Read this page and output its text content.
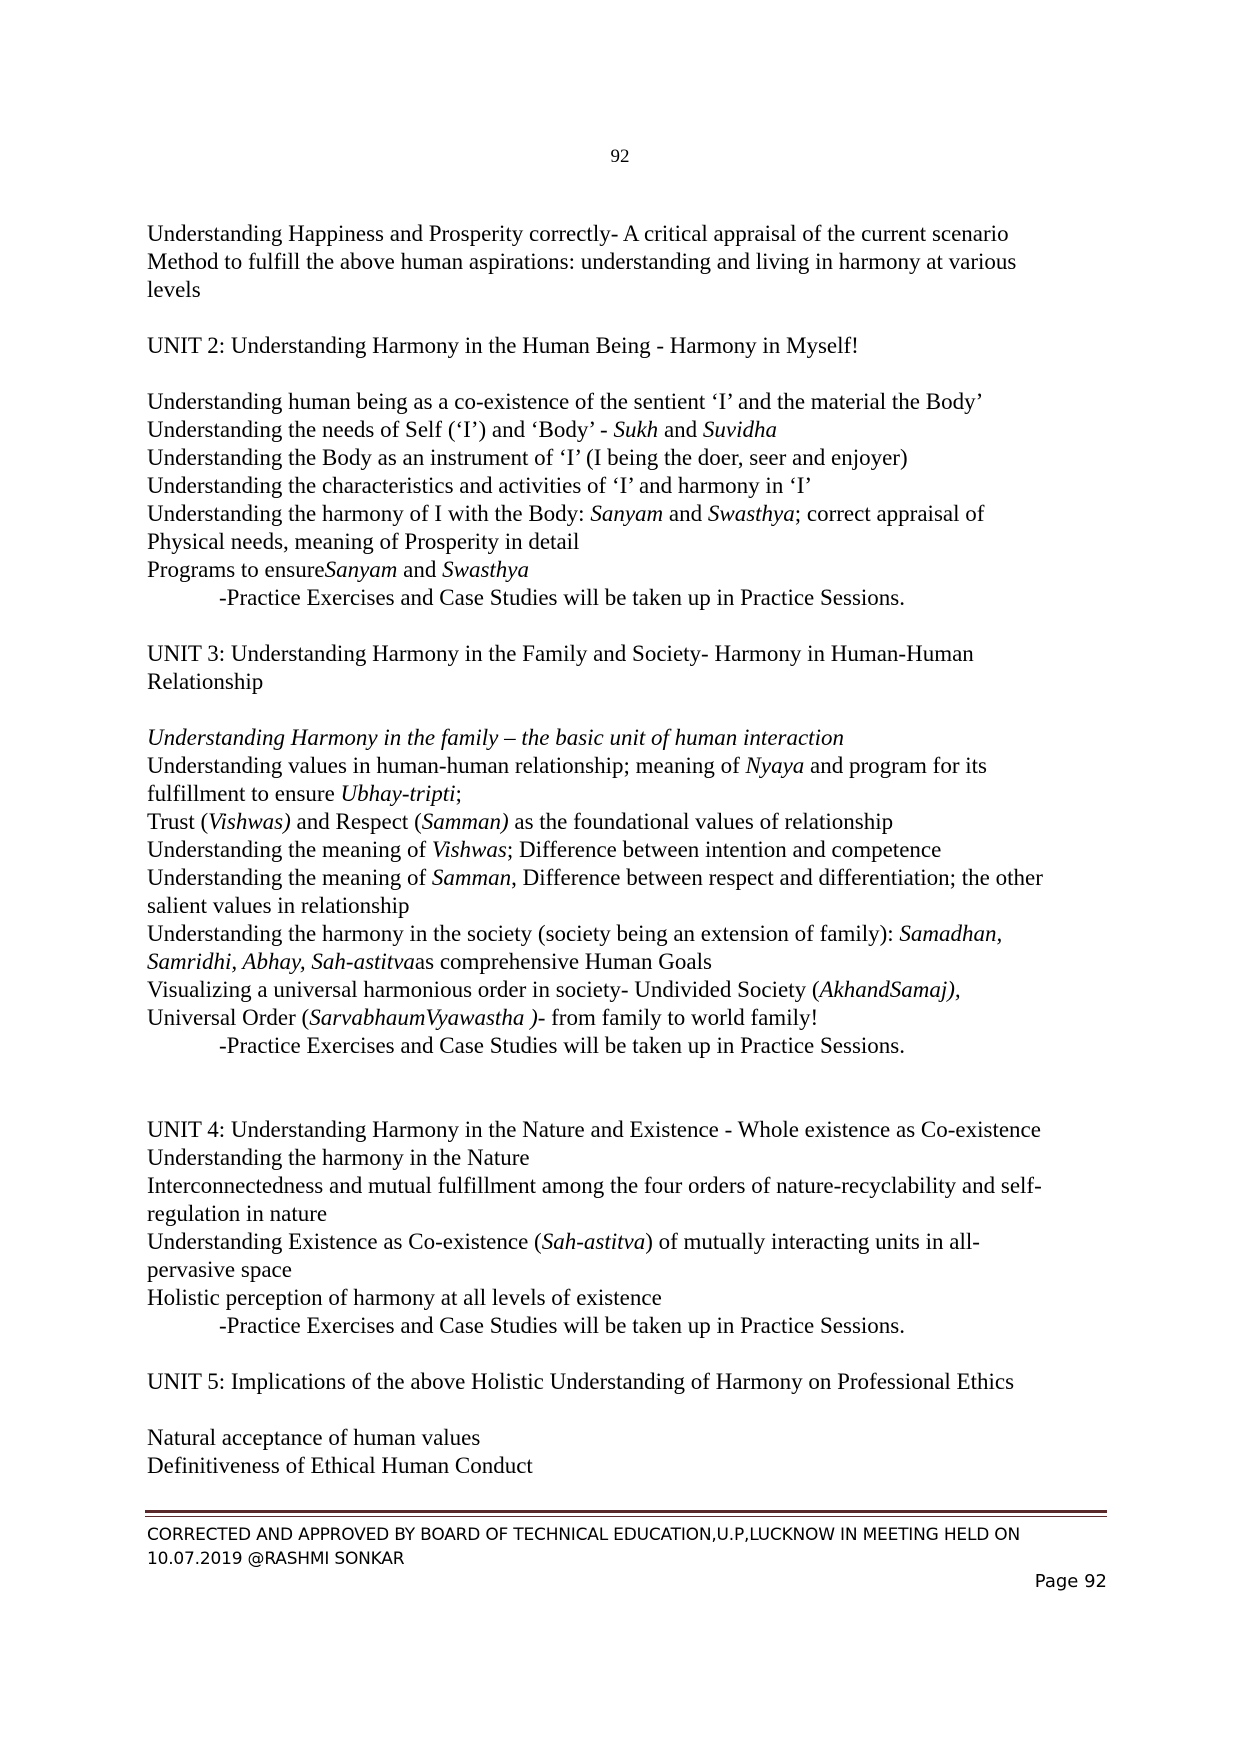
92
Understanding Happiness and Prosperity correctly- A critical appraisal of the current scenario
Method to fulfill the above human aspirations: understanding and living in harmony at various
levels
UNIT 2: Understanding Harmony in the Human Being - Harmony in Myself!
Understanding human being as a co-existence of the sentient ‘I’ and the material the Body’
Understanding the needs of Self (‘I’) and ‘Body’ - Sukh and Suvidha
Understanding the Body as an instrument of ‘I’ (I being the doer, seer and enjoyer)
Understanding the characteristics and activities of ‘I’ and harmony in ‘I’
Understanding the harmony of I with the Body: Sanyam and Swasthya; correct appraisal of
Physical needs, meaning of Prosperity in detail
Programs to ensureSanyam and Swasthya
-Practice Exercises and Case Studies will be taken up in Practice Sessions.
UNIT 3: Understanding Harmony in the Family and Society- Harmony in Human-Human
Relationship
Understanding Harmony in the family – the basic unit of human interaction
Understanding values in human-human relationship; meaning of Nyaya and program for its
fulfillment to ensure Ubhay-tripti;
Trust (Vishwas) and Respect (Samman) as the foundational values of relationship
Understanding the meaning of Vishwas; Difference between intention and competence
Understanding the meaning of Samman, Difference between respect and differentiation; the other
salient values in relationship
Understanding the harmony in the society (society being an extension of family): Samadhan,
Samridhi, Abhay, Sah-astitvaas comprehensive Human Goals
Visualizing a universal harmonious order in society- Undivided Society (AkhandSamaj),
Universal Order (SarvabhaumVyawastha )- from family to world family!
-Practice Exercises and Case Studies will be taken up in Practice Sessions.
UNIT 4: Understanding Harmony in the Nature and Existence - Whole existence as Co-existence
Understanding the harmony in the Nature
Interconnectedness and mutual fulfillment among the four orders of nature-recyclability and self-
regulation in nature
Understanding Existence as Co-existence (Sah-astitva) of mutually interacting units in all-
pervasive space
Holistic perception of harmony at all levels of existence
-Practice Exercises and Case Studies will be taken up in Practice Sessions.
UNIT 5: Implications of the above Holistic Understanding of Harmony on Professional Ethics
Natural acceptance of human values
Definitiveness of Ethical Human Conduct
CORRECTED AND APPROVED BY BOARD OF TECHNICAL EDUCATION,U.P,LUCKNOW IN MEETING HELD ON
10.07.2019 @RASHMI SONKAR
Page 92
